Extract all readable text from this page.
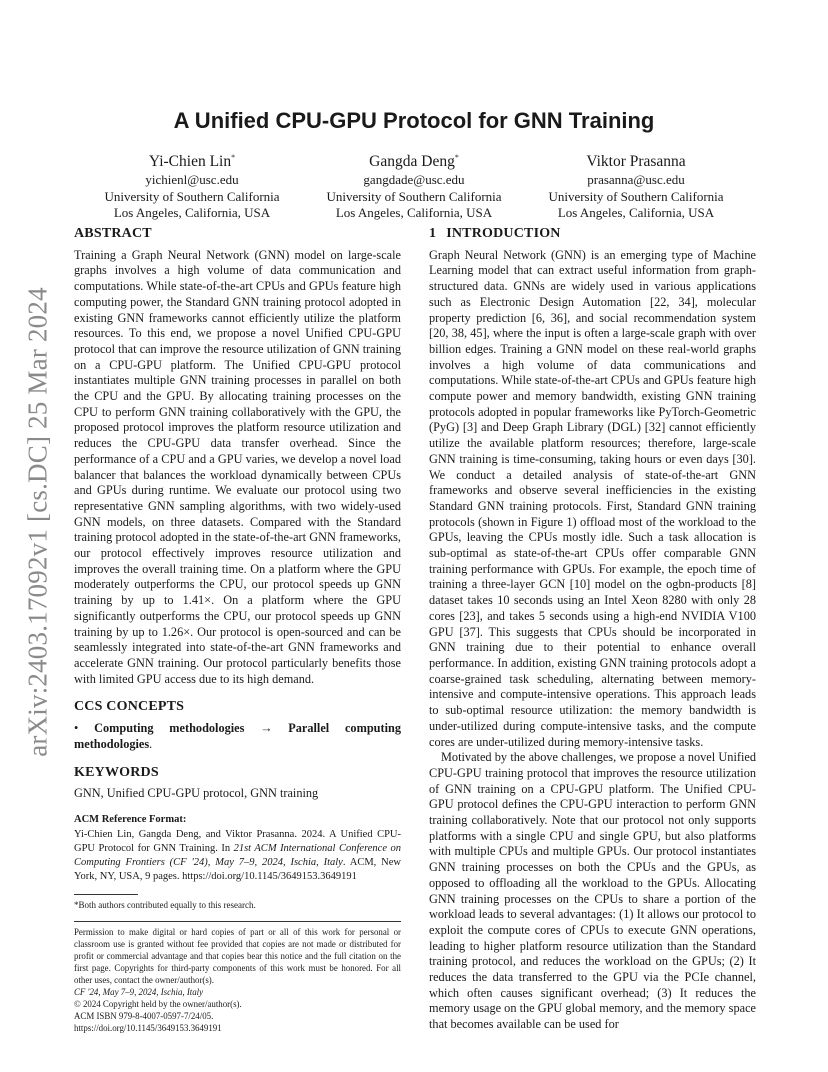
arXiv:2403.17092v1 [cs.DC] 25 Mar 2024
A Unified CPU-GPU Protocol for GNN Training
Yi-Chien Lin*
yichienl@usc.edu
University of Southern California
Los Angeles, California, USA
Gangda Deng*
gangdade@usc.edu
University of Southern California
Los Angeles, California, USA
Viktor Prasanna
prasanna@usc.edu
University of Southern California
Los Angeles, California, USA
ABSTRACT

Training a Graph Neural Network (GNN) model on large-scale graphs involves a high volume of data communication and computations. While state-of-the-art CPUs and GPUs feature high computing power, the Standard GNN training protocol adopted in existing GNN frameworks cannot efficiently utilize the platform resources. To this end, we propose a novel Unified CPU-GPU protocol that can improve the resource utilization of GNN training on a CPU-GPU platform. The Unified CPU-GPU protocol instantiates multiple GNN training processes in parallel on both the CPU and the GPU. By allocating training processes on the CPU to perform GNN training collaboratively with the GPU, the proposed protocol improves the platform resource utilization and reduces the CPU-GPU data transfer overhead. Since the performance of a CPU and a GPU varies, we develop a novel load balancer that balances the workload dynamically between CPUs and GPUs during runtime. We evaluate our protocol using two representative GNN sampling algorithms, with two widely-used GNN models, on three datasets. Compared with the Standard training protocol adopted in the state-of-the-art GNN frameworks, our protocol effectively improves resource utilization and improves the overall training time. On a platform where the GPU moderately outperforms the CPU, our protocol speeds up GNN training by up to 1.41×. On a platform where the GPU significantly outperforms the CPU, our protocol speeds up GNN training by up to 1.26×. Our protocol is open-sourced and can be seamlessly integrated into state-of-the-art GNN frameworks and accelerate GNN training. Our protocol particularly benefits those with limited GPU access due to its high demand.

CCS CONCEPTS

• Computing methodologies → Parallel computing methodologies.

KEYWORDS

GNN, Unified CPU-GPU protocol, GNN training

ACM Reference Format:

Yi-Chien Lin, Gangda Deng, and Viktor Prasanna. 2024. A Unified CPU-GPU Protocol for GNN Training. In 21st ACM International Conference on Computing Frontiers (CF '24), May 7–9, 2024, Ischia, Italy. ACM, New York, NY, USA, 9 pages. https://doi.org/10.1145/3649153.3649191

*Both authors contributed equally to this research.

Permission to make digital or hard copies of part or all of this work for personal or classroom use is granted without fee provided that copies are not made or distributed for profit or commercial advantage and that copies bear this notice and the full citation on the first page. Copyrights for third-party components of this work must be honored. For all other uses, contact the owner/author(s).

CF '24, May 7–9, 2024, Ischia, Italy
© 2024 Copyright held by the owner/author(s).
ACM ISBN 979-8-4007-0597-7/24/05.
https://doi.org/10.1145/3649153.3649191
1 INTRODUCTION

Graph Neural Network (GNN) is an emerging type of Machine Learning model that can extract useful information from graph-structured data. GNNs are widely used in various applications such as Electronic Design Automation [22, 34], molecular property prediction [6, 36], and social recommendation system [20, 38, 45], where the input is often a large-scale graph with over billion edges. Training a GNN model on these real-world graphs involves a high volume of data communications and computations. While state-of-the-art CPUs and GPUs feature high compute power and memory bandwidth, existing GNN training protocols adopted in popular frameworks like PyTorch-Geometric (PyG) [3] and Deep Graph Library (DGL) [32] cannot efficiently utilize the available platform resources; therefore, large-scale GNN training is time-consuming, taking hours or even days [30]. We conduct a detailed analysis of state-of-the-art GNN frameworks and observe several inefficiencies in the existing Standard GNN training protocols. First, Standard GNN training protocols (shown in Figure 1) offload most of the workload to the GPUs, leaving the CPUs mostly idle. Such a task allocation is sub-optimal as state-of-the-art CPUs offer comparable GNN training performance with GPUs. For example, the epoch time of training a three-layer GCN [10] model on the ogbn-products [8] dataset takes 10 seconds using an Intel Xeon 8280 with only 28 cores [23], and takes 5 seconds using a high-end NVIDIA V100 GPU [37]. This suggests that CPUs should be incorporated in GNN training due to their potential to enhance overall performance. In addition, existing GNN training protocols adopt a coarse-grained task scheduling, alternating between memory-intensive and compute-intensive operations. This approach leads to sub-optimal resource utilization: the memory bandwidth is under-utilized during compute-intensive tasks, and the compute cores are under-utilized during memory-intensive tasks.

Motivated by the above challenges, we propose a novel Unified CPU-GPU training protocol that improves the resource utilization of GNN training on a CPU-GPU platform. The Unified CPU-GPU protocol defines the CPU-GPU interaction to perform GNN training collaboratively. Note that our protocol not only supports platforms with a single CPU and single GPU, but also platforms with multiple CPUs and multiple GPUs. Our protocol instantiates GNN training processes on both the CPUs and the GPUs, as opposed to offloading all the workload to the GPUs. Allocating GNN training processes on the CPUs to share a portion of the workload leads to several advantages: (1) It allows our protocol to exploit the compute cores of CPUs to execute GNN operations, leading to higher platform resource utilization than the Standard training protocol, and reduces the workload on the GPUs; (2) It reduces the data transferred to the GPU via the PCIe channel, which often causes significant overhead; (3) It reduces the memory usage on the GPU global memory, and the memory space that becomes available can be used for
